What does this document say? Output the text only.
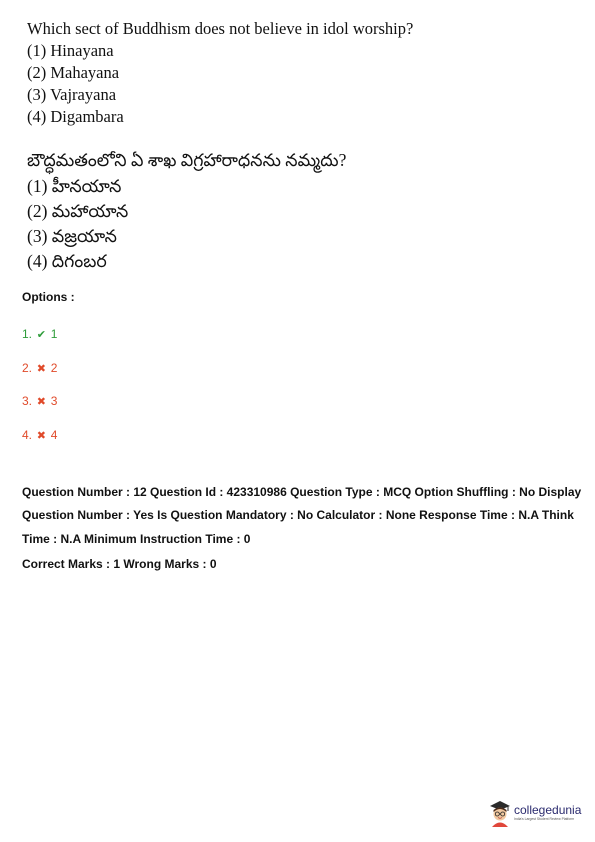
Which sect of Buddhism does not believe in idol worship?
(1) Hinayana
(2) Mahayana
(3) Vajrayana
(4) Digambara
బౌద్ధమతంలోని ఏ శాఖ విగ్రహారాధనను నమ్మదు?
(1) హీనయాన
(2) మహాయాన
(3) వజ్రయాన
(4) దిగంబర
Options :
1. ✔ 1
2. ✖ 2
3. ✖ 3
4. ✖ 4

Question Number : 12 Question Id : 423310986 Question Type : MCQ Option Shuffling : No Display Question Number : Yes Is Question Mandatory : No Calculator : None Response Time : N.A Think Time : N.A Minimum Instruction Time : 0

Correct Marks : 1 Wrong Marks : 0

collegedunia
India's Largest Student Review Platform
